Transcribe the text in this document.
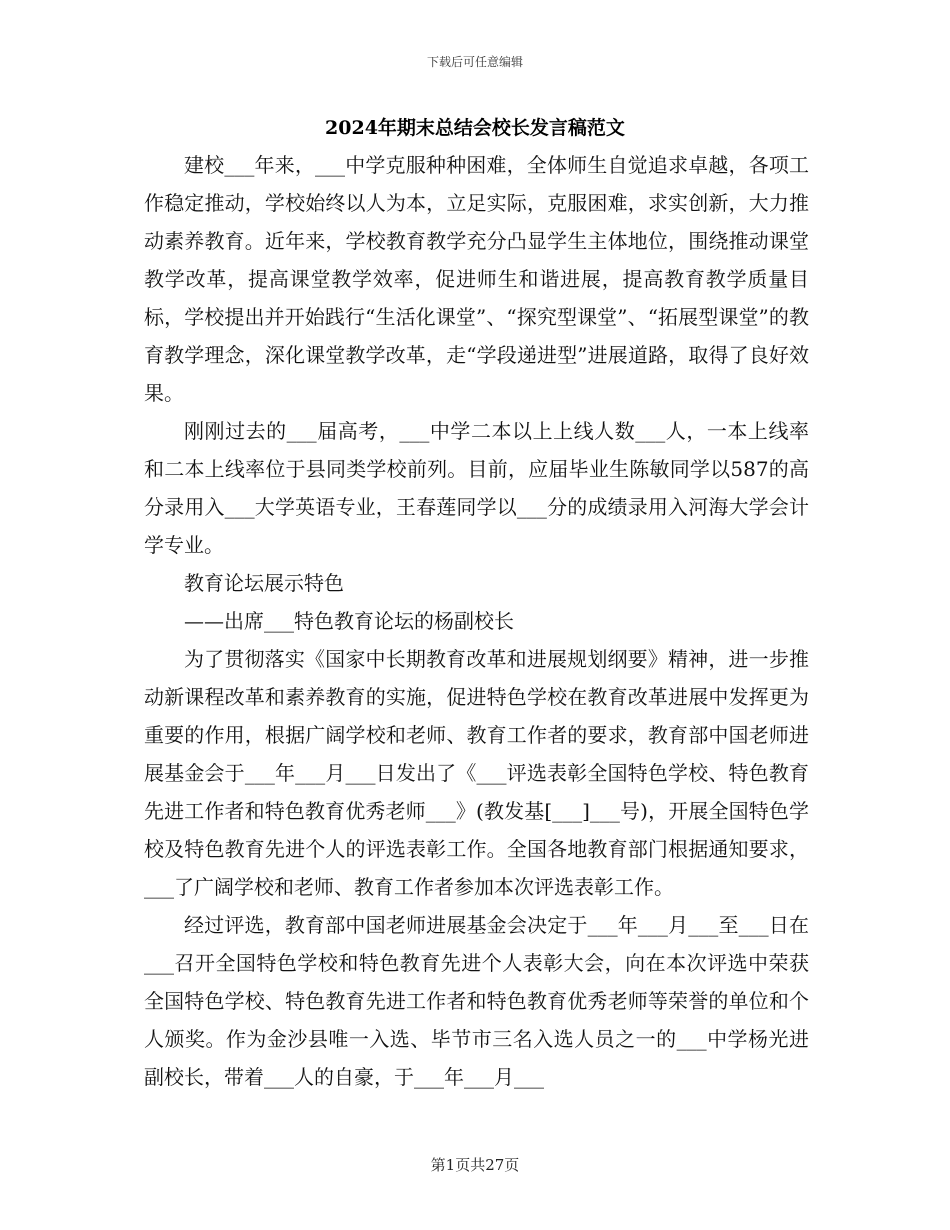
下载后可任意编辑
2024年期末总结会校长发言稿范文

建校___年来，___中学克服种种困难，全体师生自觉追求卓越，各项工作稳定推动，学校始终以人为本，立足实际，克服困难，求实创新，大力推动素养教育。近年来，学校教育教学充分凸显学生主体地位，围绕推动课堂教学改革，提高课堂教学效率，促进师生和谐进展，提高教育教学质量目标，学校提出并开始践行“生活化课堂”、“探究型课堂”、“拓展型课堂”的教育教学理念，深化课堂教学改革，走“学段递进型”进展道路，取得了良好效果。

刚刚过去的___届高考，___中学二本以上上线人数___人，一本上线率和二本上线率位于县同类学校前列。目前，应届毕业生陈敏同学以587的高分录用入___大学英语专业，王春莲同学以___分的成绩录用入河海大学会计学专业。

教育论坛展示特色

——出席___特色教育论坛的杨副校长

为了贯彻落实《国家中长期教育改革和进展规划纲要》精神，进一步推动新课程改革和素养教育的实施，促进特色学校在教育改革进展中发挥更为重要的作用，根据广阔学校和老师、教育工作者的要求，教育部中国老师进展基金会于___年___月___日发出了《___评选表彰全国特色学校、特色教育先进工作者和特色教育优秀老师___》(教发基[___]___号)，开展全国特色学校及特色教育先进个人的评选表彰工作。全国各地教育部门根据通知要求，___了广阔学校和老师、教育工作者参加本次评选表彰工作。

经过评选，教育部中国老师进展基金会决定于___年___月___至___日在___召开全国特色学校和特色教育先进个人表彰大会，向在本次评选中荣获全国特色学校、特色教育先进工作者和特色教育优秀老师等荣誉的单位和个人颁奖。作为金沙县唯一入选、毕节市三名入选人员之一的___中学杨光进副校长，带着___人的自豪，于___年___月___

第1页共27页
